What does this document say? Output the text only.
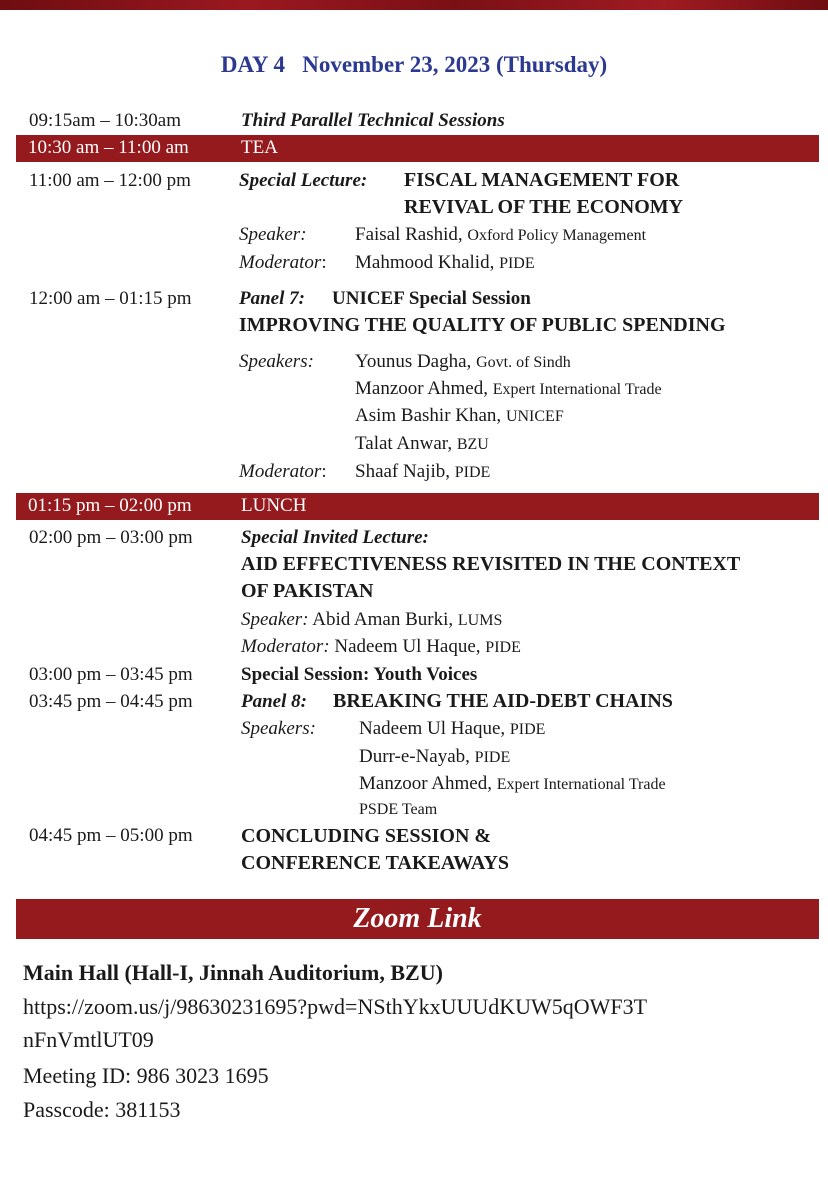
DAY 4 November 23, 2023 (Thursday)
09:15am – 10:30am	Third Parallel Technical Sessions
10:30 am – 11:00 am	TEA
11:00 am – 12:00 pm	Special Lecture: FISCAL MANAGEMENT FOR
REVIVAL OF THE ECONOMY
Speaker:	Faisal Rashid, Oxford Policy Management
Moderator: Mahmood Khalid, PIDE
12:00 am – 01:15 pm Panel 7: UNICEF Special Session
IMPROVING THE QUALITY OF PUBLIC SPENDING
Speakers: Younus Dagha, Govt. of Sindh
Manzoor Ahmed, Expert International Trade
Asim Bashir Khan, UNICEF
Talat Anwar, BZU
Moderator: Shaaf Najib, PIDE
01:15 pm – 02:00 pm	LUNCH
02:00 pm – 03:00 pm	Special Invited Lecture:
AID EFFECTIVENESS REVISITED IN THE CONTEXT
OF PAKISTAN
Speaker: Abid Aman Burki, LUMS
Moderator: Nadeem Ul Haque, PIDE
03:00 pm – 03:45 pm	Special Session: Youth Voices
03:45 pm – 04:45 pm	Panel 8: BREAKING THE AID-DEBT CHAINS
Speakers: Nadeem Ul Haque, PIDE
Durr-e-Nayab, PIDE
Manzoor Ahmed, Expert International Trade
PSDE Team
04:45 pm – 05:00 pm CONCLUDING SESSION &
CONFERENCE TAKEAWAYS
Zoom Link
Main Hall (Hall-I, Jinnah Auditorium, BZU)
https://zoom.us/j/98630231695?pwd=NSthYkxUUUdKUW5qOWF3T
nFnVmtlUT09
Meeting ID: 986 3023 1695
Passcode: 381153
